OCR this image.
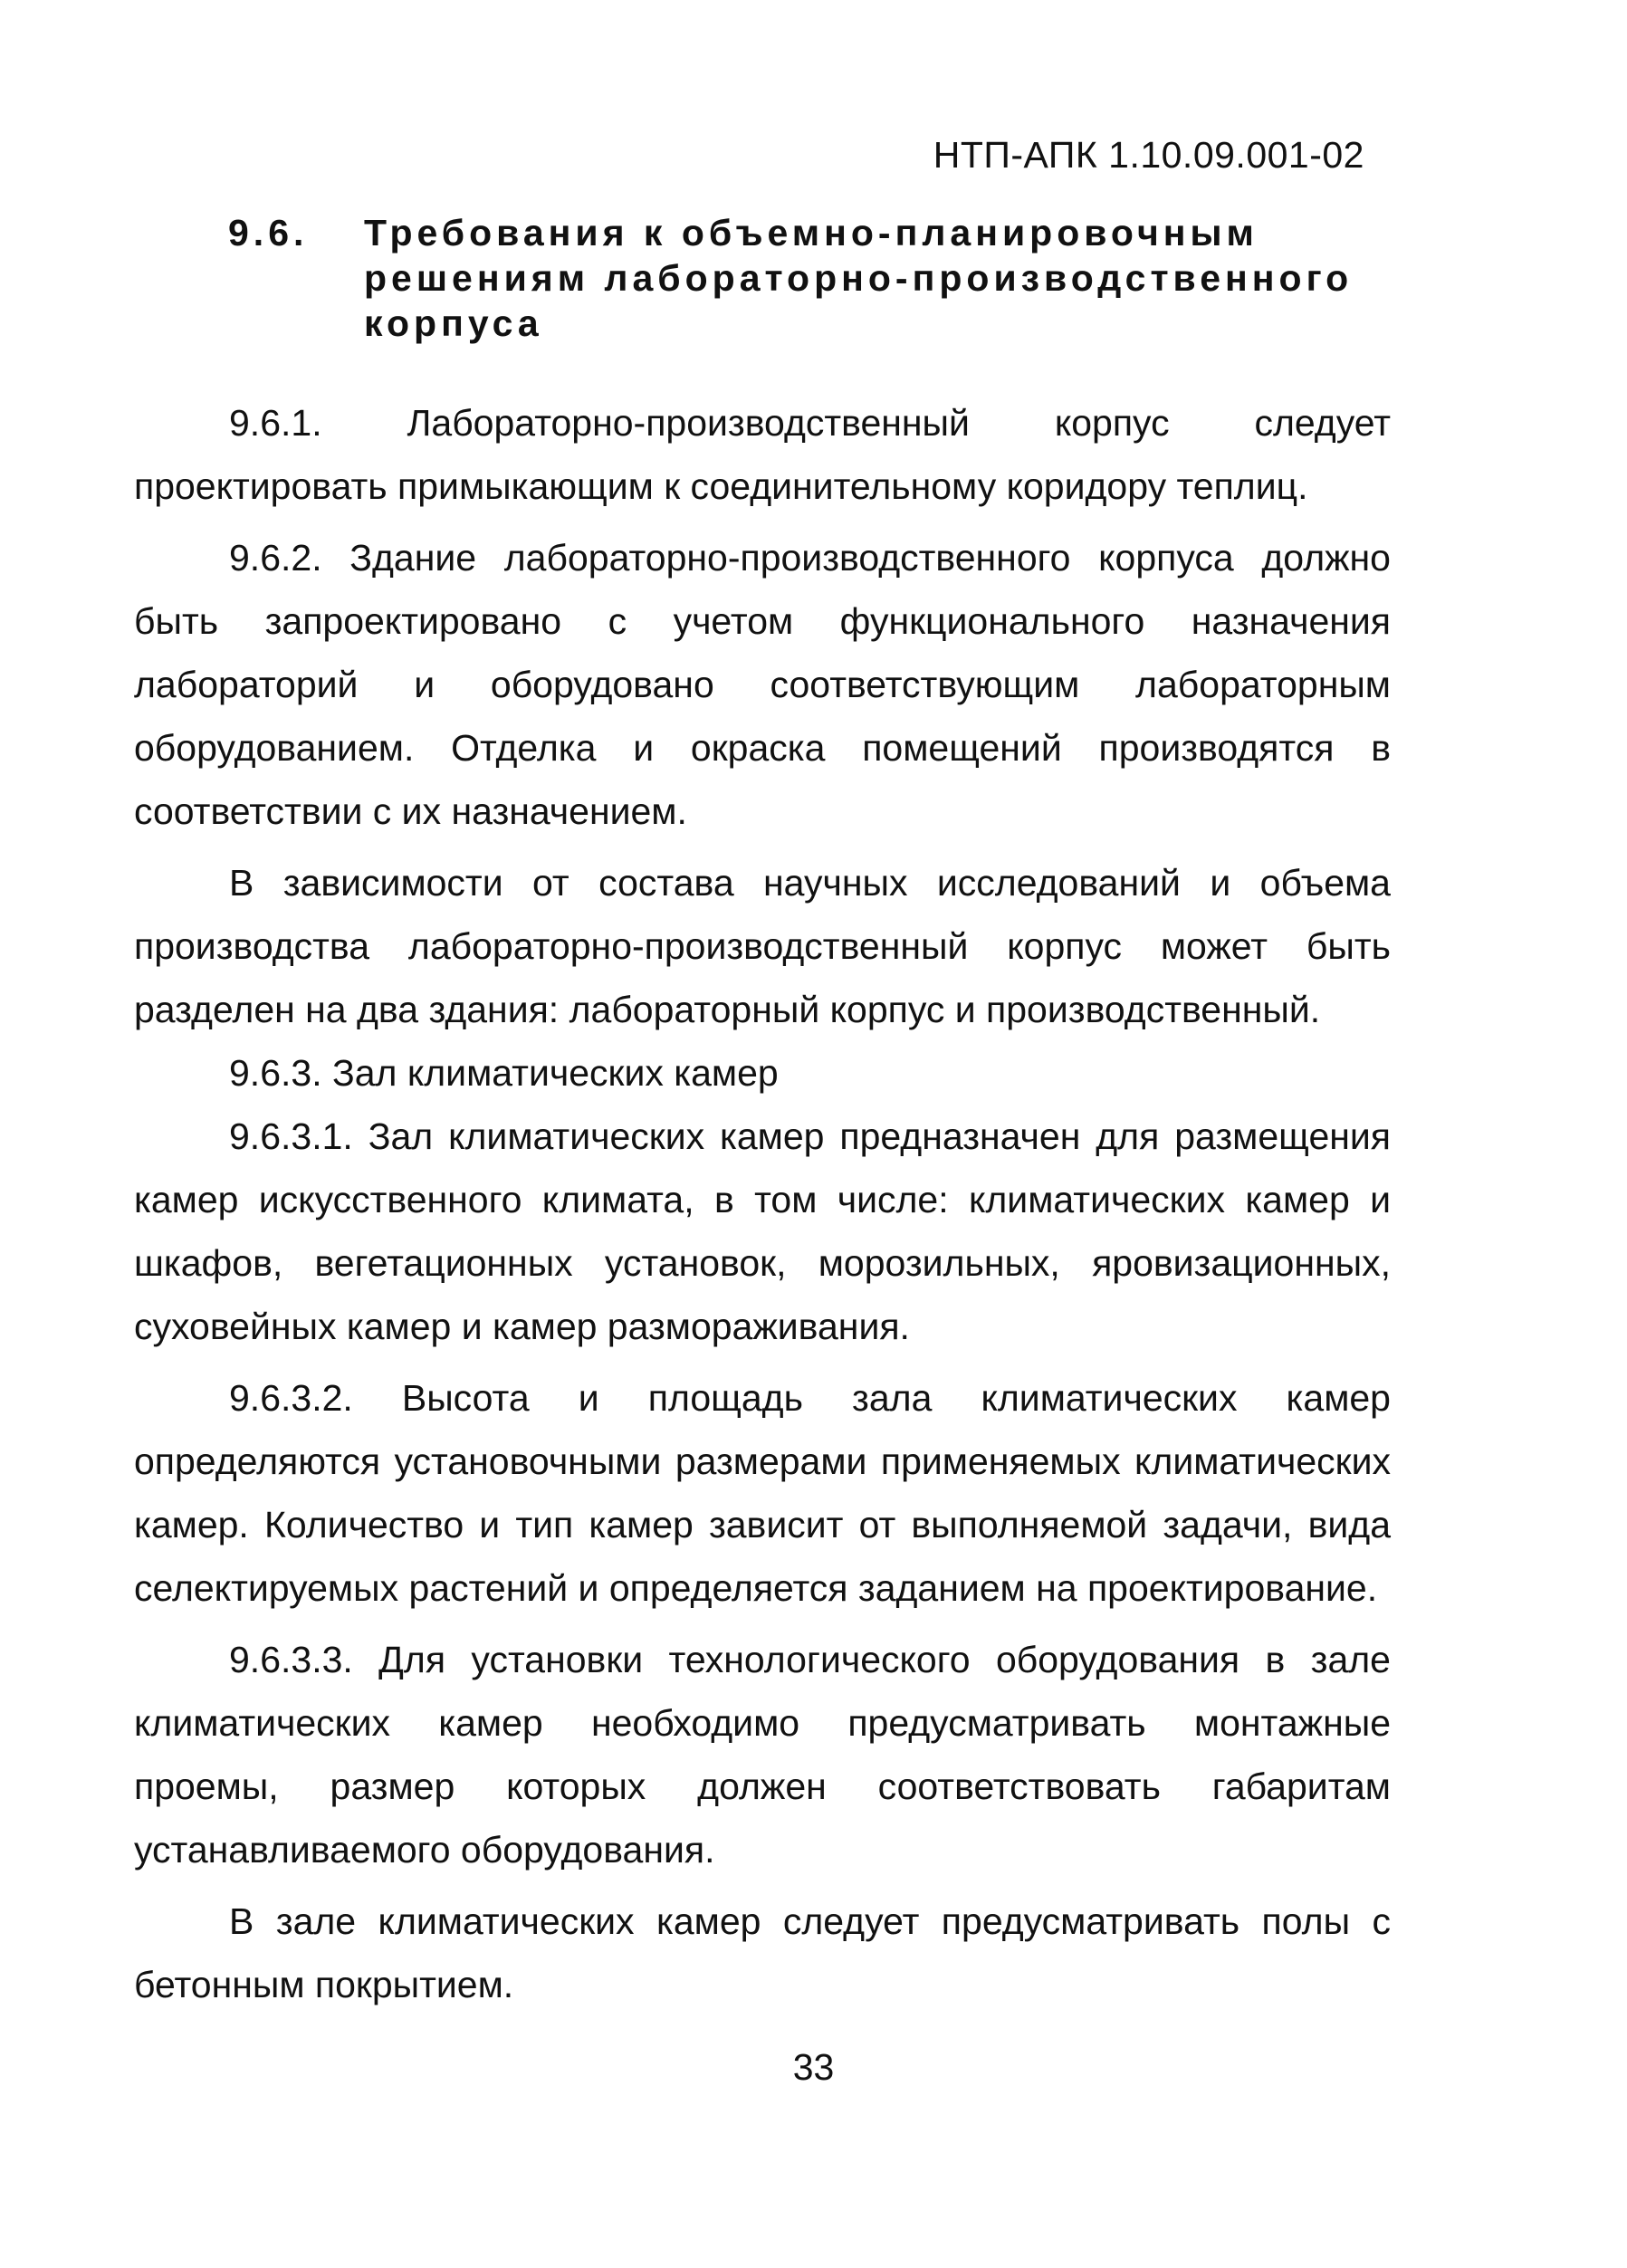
НТП-АПК 1.10.09.001-02
9.6. Требования к объемно-планировочным решениям лабораторно-производственного корпуса

9.6.1. Лабораторно-производственный корпус следует проектировать примыкающим к соединительному коридору теплиц.

9.6.2. Здание лабораторно-производственного корпуса должно быть запроектировано с учетом функционального назначения лабораторий и оборудовано соответствующим лабораторным оборудованием. Отделка и окраска помещений производятся в соответствии с их назначением.

В зависимости от состава научных исследований и объема производства лабораторно-производственный корпус может быть разделен на два здания: лабораторный корпус и производственный.

9.6.3. Зал климатических камер

9.6.3.1. Зал климатических камер предназначен для размещения камер искусственного климата, в том числе: климатических камер и шкафов, вегетационных установок, морозильных, яровизационных, суховейных камер и камер размораживания.

9.6.3.2. Высота и площадь зала климатических камер определяются установочными размерами применяемых климатических камер. Количество и тип камер зависит от выполняемой задачи, вида селектируемых растений и определяется заданием на проектирование.

9.6.3.3. Для установки технологического оборудования в зале климатических камер необходимо предусматривать монтажные проемы, размер которых должен соответствовать габаритам устанавливаемого оборудования.

В зале климатических камер следует предусматривать полы с бетонным покрытием.

33
